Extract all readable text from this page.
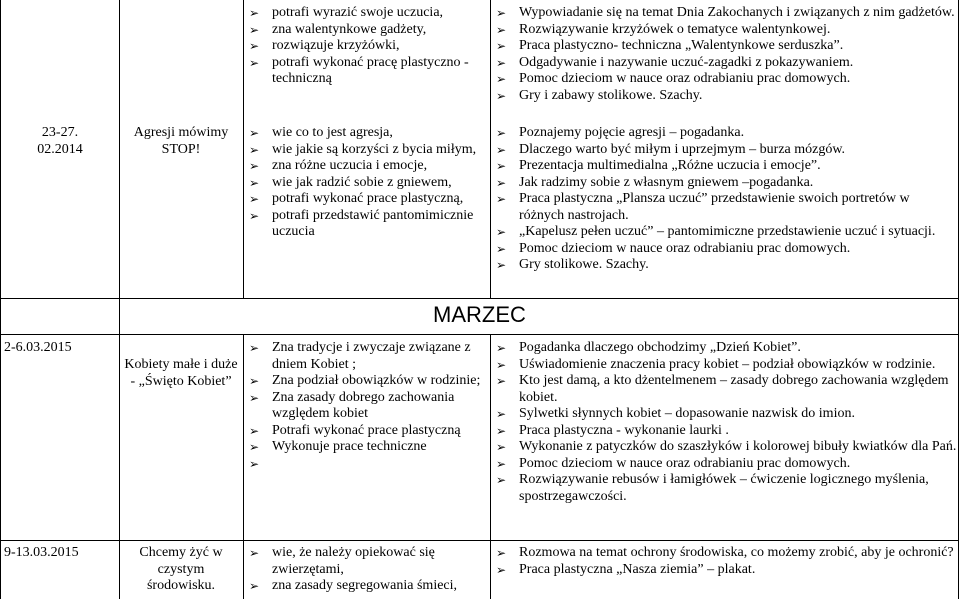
➢ potrafi wyrazić swoje uczucia,
➢ zna walentynkowe gadżety,
➢ rozwiązuje krzyżówki,
➢ potrafi wykonać pracę plastyczno - techniczną
➢ Wypowiadanie się na temat Dnia Zakochanych i związanych z nim gadżetów.
➢ Rozwiązywanie krzyżówek o tematyce walentynkowej.
➢ Praca plastyczno- techniczna „Walentynkowe serduszka”.
➢ Odgadywanie i nazywanie uczuć-zagadki z pokazywaniem.
➢ Pomoc dzieciom w nauce oraz odrabianiu prac domowych.
➢ Gry i zabawy stolikowe. Szachy.
23-27. 02.2014
Agresji mówimy STOP!
➢ wie co to jest agresja,
➢ wie jakie są korzyści z bycia miłym,
➢ zna różne uczucia i emocje,
➢ wie jak radzić sobie z gniewem,
➢ potrafi wykonać prace plastyczną,
➢ potrafi przedstawić pantomimicznie uczucia
➢ Poznajemy pojęcie agresji – pogadanka.
➢ Dlaczego warto być miłym i uprzejmym – burza mózgów.
➢ Prezentacja multimedialna „Różne uczucia i emocje”.
➢ Jak radzimy sobie z własnym gniewem –pogadanka.
➢ Praca plastyczna „Plansza uczuć” przedstawienie swoich portretów w różnych nastrojach.
➢ „Kapelusz pełen uczuć” – pantomimiczne przedstawienie uczuć i sytuacji.
➢ Pomoc dzieciom w nauce oraz odrabianiu prac domowych.
➢ Gry stolikowe. Szachy.
MARZEC
2-6.03.2015
Kobiety małe i duże - „Święto Kobiet”
➢ Zna tradycje i zwyczaje związane z dniem Kobiet ;
➢ Zna podział obowiązków w rodzinie;
➢ Zna zasady dobrego zachowania względem kobiet
➢ Potrafi wykonać prace plastyczną
➢ Wykonuje prace techniczne
➢
➢ Pogadanka dlaczego obchodzimy „Dzień Kobiet”.
➢ Uświadomienie znaczenia pracy kobiet – podział obowiązków w rodzinie.
➢ Kto jest damą, a kto dżentelmenem – zasady dobrego zachowania względem kobiet.
➢ Sylwetki słynnych kobiet – dopasowanie nazwisk do imion.
➢ Praca plastyczna - wykonanie laurki .
➢ Wykonanie z patyczków do szaszłyków i kolorowej bibuły kwiatków dla Pań.
➢ Pomoc dzieciom w nauce oraz odrabianiu prac domowych.
➢ Rozwiązywanie rebusów i łamigłówek – ćwiczenie logicznego myślenia, spostrzegawczości.
9-13.03.2015	Chcemy żyć w czystym środowisku.
➢ wie, że należy opiekować się zwierzętami,
➢ zna zasady segregowania śmieci,
➢ Rozmowa na temat ochrony środowiska, co możemy zrobić, aby je ochronić?
➢ Praca plastyczna „Nasza ziemia” – plakat.
